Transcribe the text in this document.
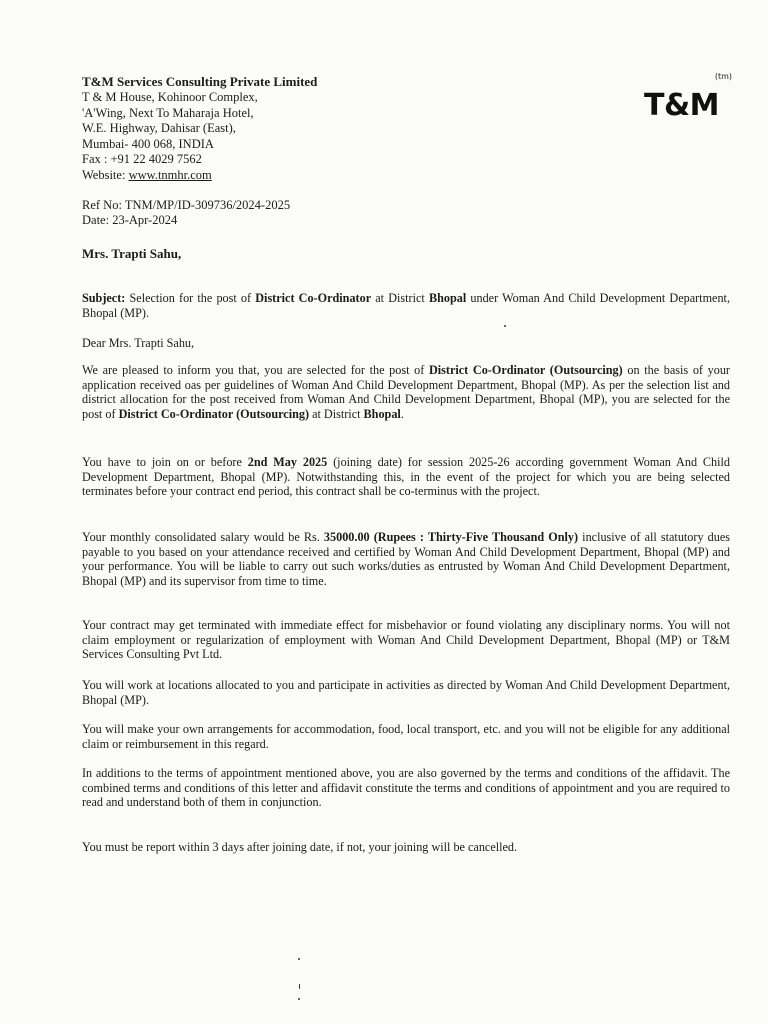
T&M Services Consulting Private Limited
T & M House, Kohinoor Complex,
'A'Wing, Next To Maharaja Hotel,
W.E. Highway, Dahisar (East),
Mumbai- 400 068, INDIA
Fax : +91 22 4029 7562
Website: www.tnmhr.com
(tm)
T&M
Ref No: TNM/MP/ID-309736/2024-2025
Date: 23-Apr-2024
Mrs. Trapti Sahu,
Subject: Selection for the post of District Co-Ordinator at District Bhopal under Woman And Child Development Department, Bhopal (MP).
Dear Mrs. Trapti Sahu,
We are pleased to inform you that, you are selected for the post of District Co-Ordinator (Outsourcing) on the basis of your application received oas per guidelines of Woman And Child Development Department, Bhopal (MP). As per the selection list and district allocation for the post received from Woman And Child Development Department, Bhopal (MP), you are selected for the post of District Co-Ordinator (Outsourcing) at District Bhopal.
You have to join on or before 2nd May 2025 (joining date) for session 2025-26 according government Woman And Child Development Department, Bhopal (MP). Notwithstanding this, in the event of the project for which you are being selected terminates before your contract end period, this contract shall be co-terminus with the project.
Your monthly consolidated salary would be Rs. 35000.00 (Rupees : Thirty-Five Thousand Only) inclusive of all statutory dues payable to you based on your attendance received and certified by Woman And Child Development Department, Bhopal (MP) and your performance. You will be liable to carry out such works/duties as entrusted by Woman And Child Development Department, Bhopal (MP) and its supervisor from time to time.
Your contract may get terminated with immediate effect for misbehavior or found violating any disciplinary norms. You will not claim employment or regularization of employment with Woman And Child Development Department, Bhopal (MP) or T&M Services Consulting Pvt Ltd.
You will work at locations allocated to you and participate in activities as directed by Woman And Child Development Department, Bhopal (MP).
You will make your own arrangements for accommodation, food, local transport, etc. and you will not be eligible for any additional claim or reimbursement in this regard.
In additions to the terms of appointment mentioned above, you are also governed by the terms and conditions of the affidavit. The combined terms and conditions of this letter and affidavit constitute the terms and conditions of appointment and you are required to read and understand both of them in conjunction.
You must be report within 3 days after joining date, if not, your joining will be cancelled.
